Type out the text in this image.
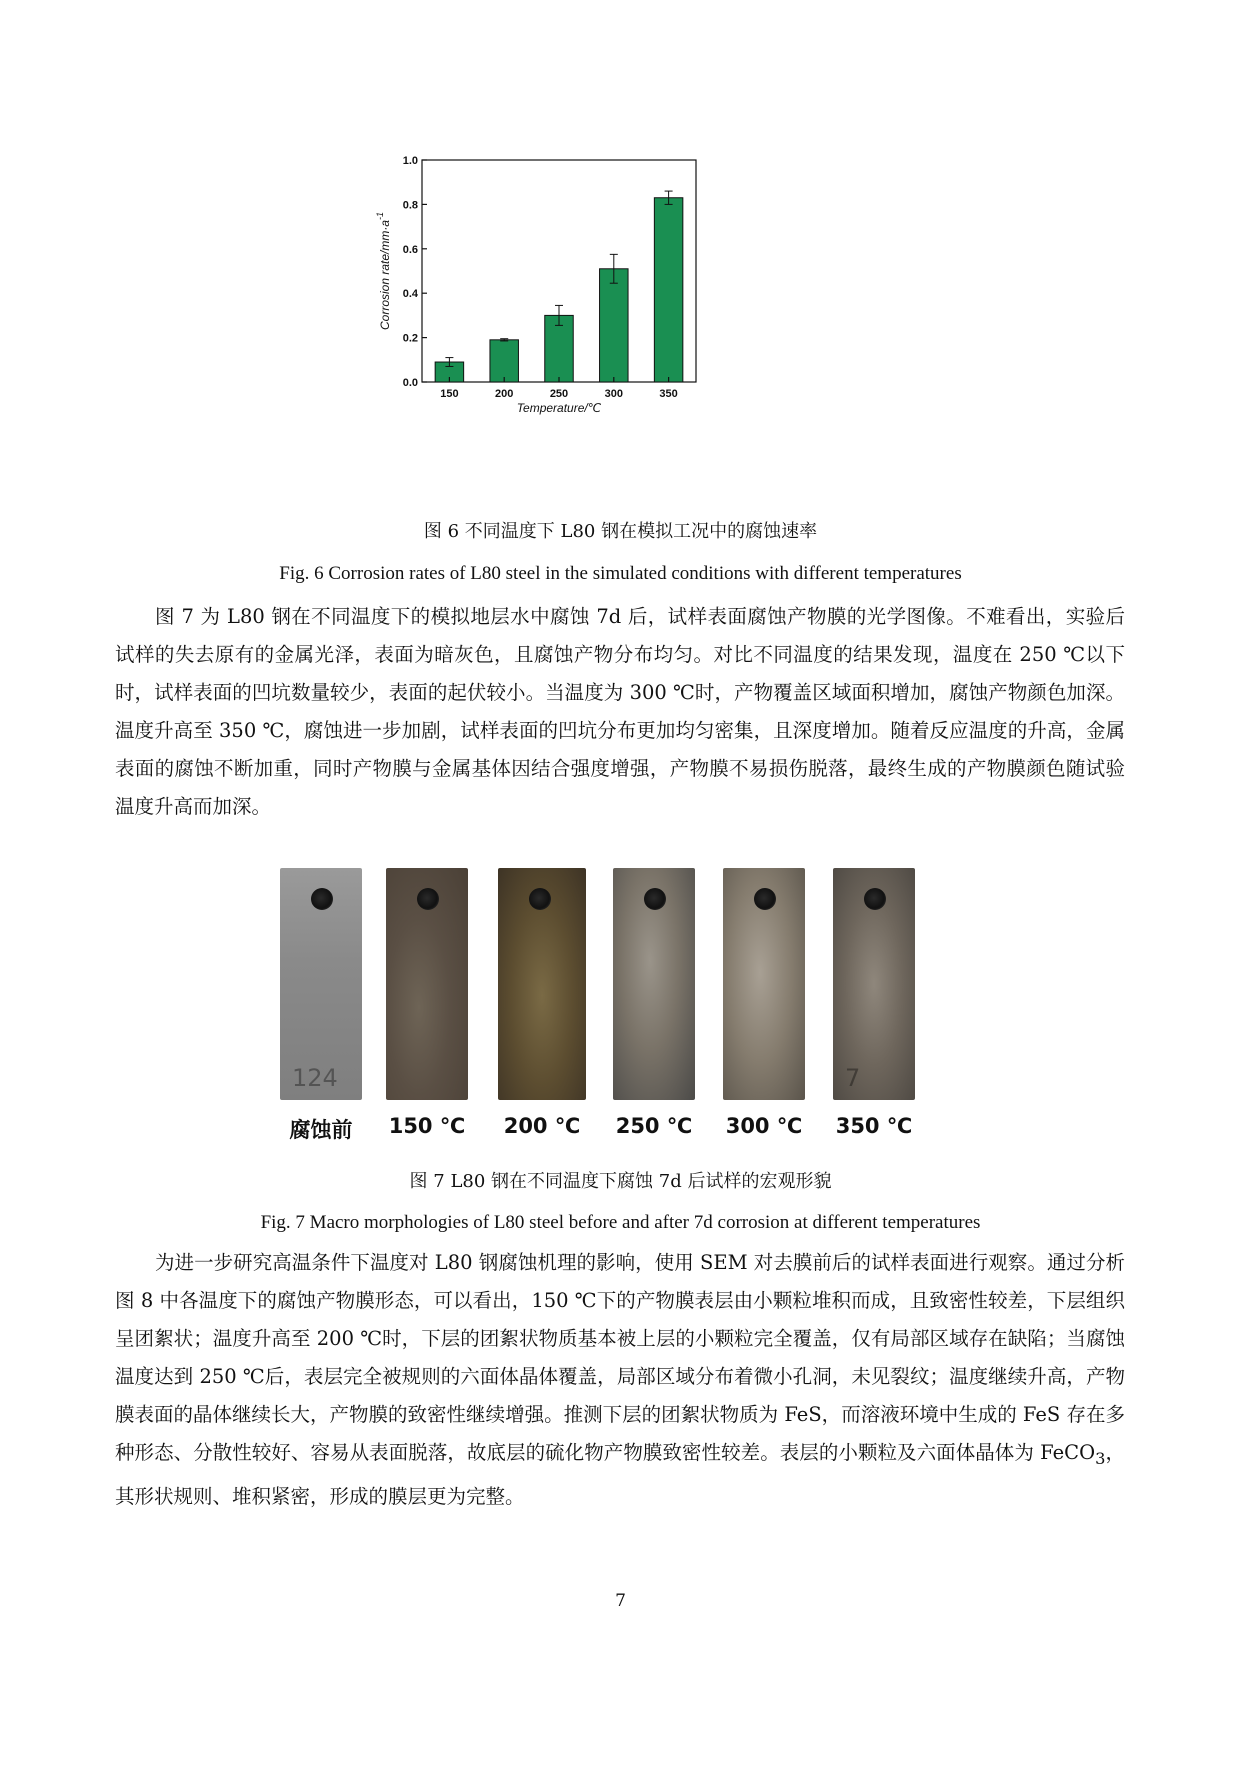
0.0
0.2
0.4
0.6
0.8
1.0
150	200	250	300	350
Temperature/℃
Corrosion rate/$mm\cdot a^{-1}$
图 6 不同温度下 L80 钢在模拟工况中的腐蚀速率
Fig. 6 Corrosion rates of L80 steel in the simulated conditions with different temperatures

图 7 为 L80 钢在不同温度下的模拟地层水中腐蚀 7d 后，试样表面腐蚀产物膜的光学图像。不难看出，实验后试样的失去原有的金属光泽，表面为暗灰色，且腐蚀产物分布均匀。对比不同温度的结果发现，温度在 250 ℃以下时，试样表面的凹坑数量较少，表面的起伏较小。当温度为 300 ℃时，产物覆盖区域面积增加，腐蚀产物颜色加深。温度升高至 350 ℃，腐蚀进一步加剧，试样表面的凹坑分布更加均匀密集，且深度增加。随着反应温度的升高，金属表面的腐蚀不断加重，同时产物膜与金属基体因结合强度增强，产物膜不易损伤脱落，最终生成的产物膜颜色随试验温度升高而加深。

124	7
腐蚀前	150 ℃	200 ℃	250 ℃	300 ℃	350 ℃
图 7 L80 钢在不同温度下腐蚀 7d 后试样的宏观形貌
Fig. 7 Macro morphologies of L80 steel before and after 7d corrosion at different temperatures

为进一步研究高温条件下温度对 L80 钢腐蚀机理的影响，使用 SEM 对去膜前后的试样表面进行观察。通过分析图 8 中各温度下的腐蚀产物膜形态，可以看出，150 ℃下的产物膜表层由小颗粒堆积而成，且致密性较差，下层组织呈团絮状；温度升高至 200 ℃时，下层的团絮状物质基本被上层的小颗粒完全覆盖，仅有局部区域存在缺陷；当腐蚀温度达到 250 ℃后，表层完全被规则的六面体晶体覆盖，局部区域分布着微小孔洞，未见裂纹；温度继续升高，产物膜表面的晶体继续长大，产物膜的致密性继续增强。推测下层的团絮状物质为 FeS，而溶液环境中生成的 FeS 存在多种形态、分散性较好、容易从表面脱落，故底层的硫化物产物膜致密性较差。表层的小颗粒及六面体晶体为 FeCO$_3$，其形状规则、堆积紧密，形成的膜层更为完整。

7
